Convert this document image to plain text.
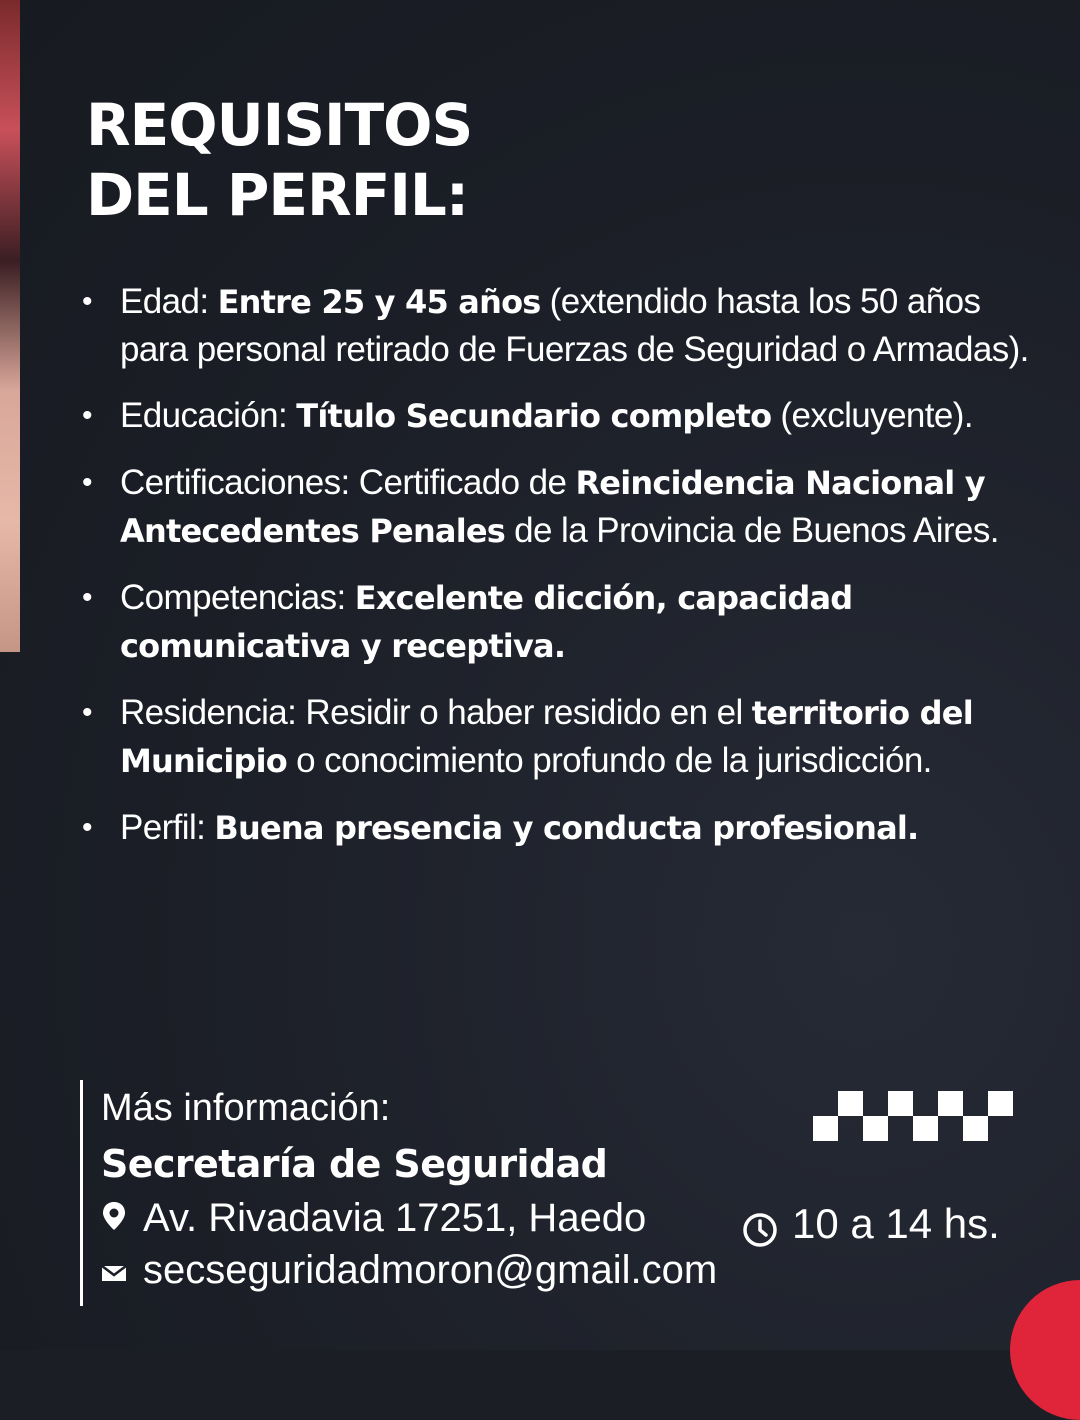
REQUISITOS
DEL PERFIL:
• Edad: Entre 25 y 45 años (extendido hasta los 50 años para personal retirado de Fuerzas de Seguridad o Armadas).
• Educación: Título Secundario completo (excluyente).
• Certificaciones: Certificado de Reincidencia Nacional y Antecedentes Penales de la Provincia de Buenos Aires.
• Competencias: Excelente dicción, capacidad comunicativa y receptiva.
• Residencia: Residir o haber residido en el territorio del Municipio o conocimiento profundo de la jurisdicción.
• Perfil: Buena presencia y conducta profesional.
Más información:
Secretaría de Seguridad
Av. Rivadavia 17251, Haedo
secseguridadmoron@gmail.com
10 a 14 hs.
